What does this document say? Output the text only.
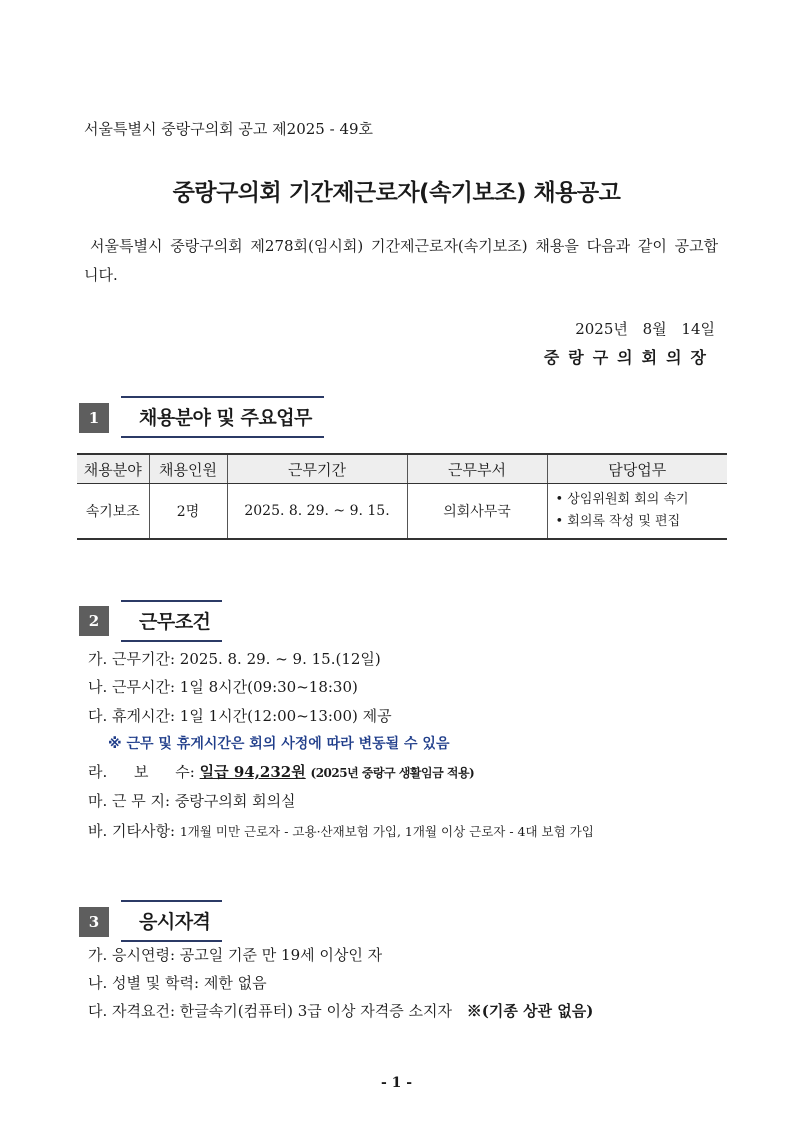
서울특별시 중랑구의회 공고 제2025 - 49호
중랑구의회 기간제근로자(속기보조) 채용공고
서울특별시 중랑구의회 제278회(임시회) 기간제근로자(속기보조) 채용을 다음과 같이 공고합니다.
2025년 8월 14일
중랑구의회의장
1	채용분야 및 주요업무
채용분야	채용인원	근무기간	근무부서	담당업무
속기보조	2명	2025. 8. 29. ~ 9. 15.	의회사무국	• 상임위원회 회의 속기
• 회의록 작성 및 편집
2	근무조건
가. 근무기간: 2025. 8. 29. ~ 9. 15.(12일)
나. 근무시간: 1일 8시간(09:30~18:30)
다. 휴게시간: 1일 1시간(12:00~13:00) 제공
※ 근무 및 휴게시간은 회의 사정에 따라 변동될 수 있음
라. 보 수: 일급 94,232원 (2025년 중랑구 생활임금 적용)
마. 근 무 지: 중랑구의회 회의실
바. 기타사항: 1개월 미만 근로자 - 고용·산재보험 가입, 1개월 이상 근로자 - 4대 보험 가입
3	응시자격
가. 응시연령: 공고일 기준 만 19세 이상인 자
나. 성별 및 학력: 제한 없음
다. 자격요건: 한글속기(컴퓨터) 3급 이상 자격증 소지자 ※(기종 상관 없음)
- 1 -
